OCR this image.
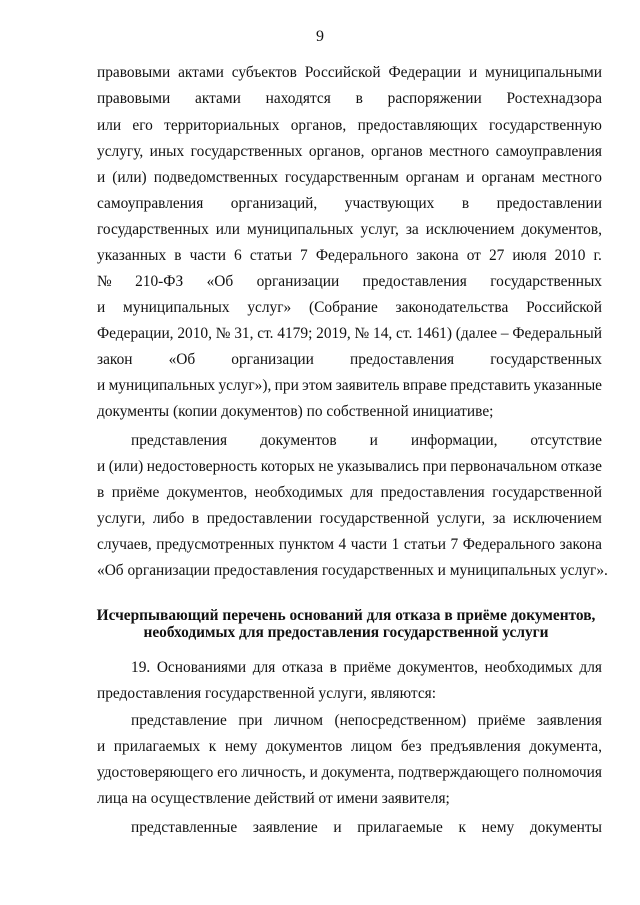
9
правовыми актами субъектов Российской Федерации и муниципальными
правовыми актами находятся в распоряжении Ростехнадзора
или его территориальных органов, предоставляющих государственную
услугу, иных государственных органов, органов местного самоуправления
и (или) подведомственных государственным органам и органам местного
самоуправления организаций, участвующих в предоставлении
государственных или муниципальных услуг, за исключением документов,
указанных в части 6 статьи 7 Федерального закона от 27 июля 2010 г.
№ 210-ФЗ «Об организации предоставления государственных
и муниципальных услуг» (Собрание законодательства Российской
Федерации, 2010, № 31, ст. 4179; 2019, № 14, ст. 1461) (далее – Федеральный
закон «Об организации предоставления государственных
и муниципальных услуг»), при этом заявитель вправе представить указанные
документы (копии документов) по собственной инициативе;
представления документов и информации, отсутствие
и (или) недостоверность которых не указывались при первоначальном отказе
в приёме документов, необходимых для предоставления государственной
услуги, либо в предоставлении государственной услуги, за исключением
случаев, предусмотренных пунктом 4 части 1 статьи 7 Федерального закона
«Об организации предоставления государственных и муниципальных услуг».
Исчерпывающий перечень оснований для отказа в приёме документов,
необходимых для предоставления государственной услуги
19. Основаниями для отказа в приёме документов, необходимых для
предоставления государственной услуги, являются:
представление при личном (непосредственном) приёме заявления
и прилагаемых к нему документов лицом без предъявления документа,
удостоверяющего его личность, и документа, подтверждающего полномочия
лица на осуществление действий от имени заявителя;
представленные заявление и прилагаемые к нему документы
